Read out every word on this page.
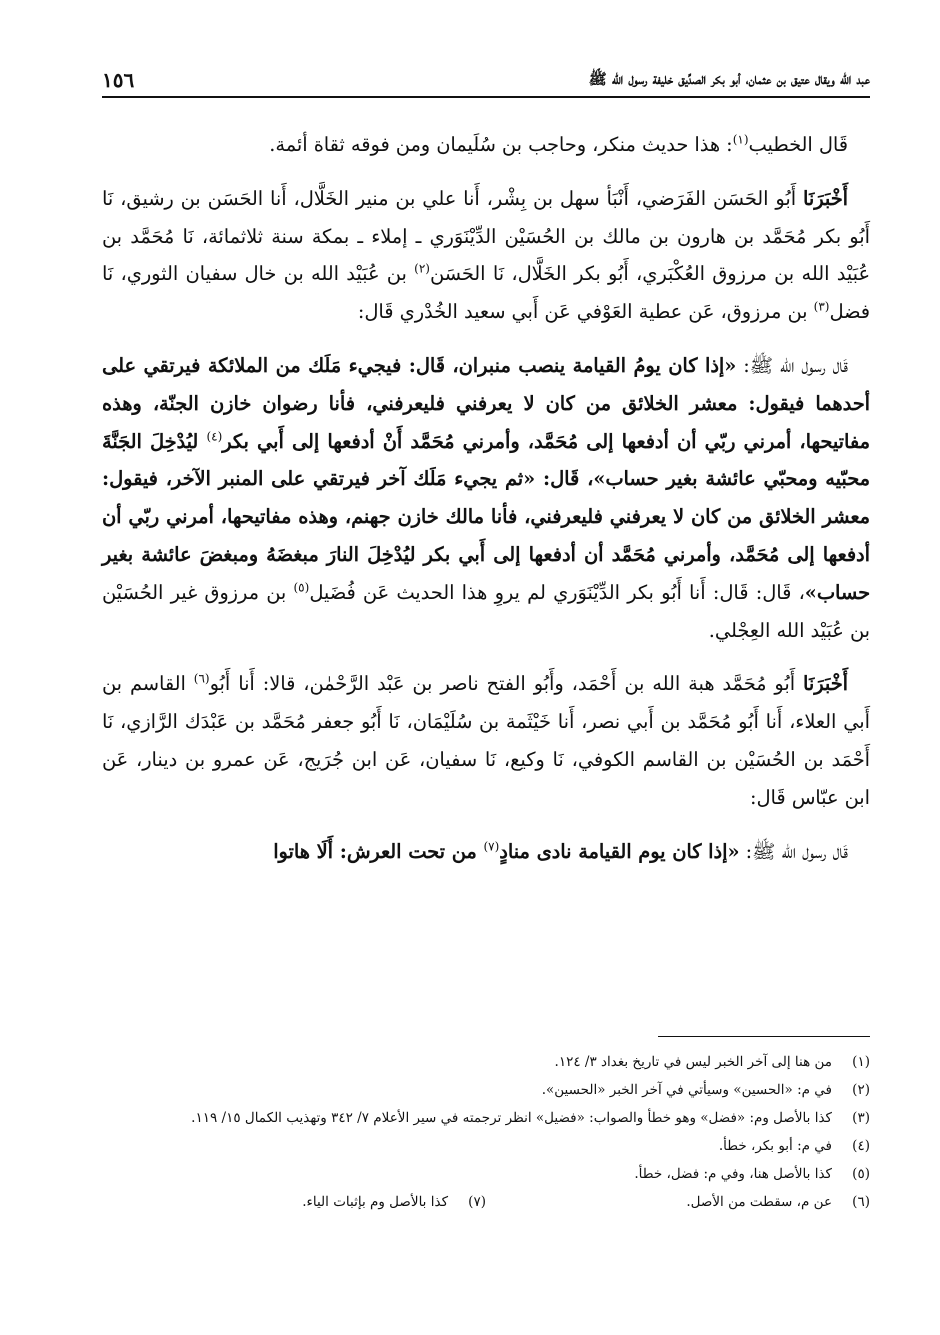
عبد الله ويقال عتيق بن عثمان، أبو بكر الصدِّيق خليفة رسول الله ﷺ
١٥٦

قَال الخطيب$^{(١)}$: هذا حديث منكر، وحاجب بن سُلَيمان ومن فوقه ثقاة أئمة.

أَخْبَرَنَا أَبُو الحَسَن الفَرَضي، أَنْبَأ سهل بن بِشْر، أَنا علي بن منير الخَلَّال، أَنا الحَسَن بن رشيق، نَا أَبُو بكر مُحَمَّد بن هارون بن مالك بن الحُسَيْن الدِّيْنَوَري ـ إملاء ـ بمكة سنة ثلاثمائة، نَا مُحَمَّد بن عُبَيْد الله بن مرزوق العُكْبَري، أَبُو بكر الخَلَّال، نَا الحَسَن$^{(٢)}$ بن عُبَيْد الله بن خال سفيان الثوري، نَا فضل$^{(٣)}$ بن مرزوق، عَن عطية العَوْفي عَن أَبي سعيد الخُدْري قَال:

قَال رسول الله ﷺ: «إذا كان يومُ القيامة ينصب منبران، قَال: فيجيء مَلَك من الملائكة فيرتقي على أحدهما فيقول: معشر الخلائق من كان لا يعرفني فليعرفني، فأنا رضوان خازن الجنّة، وهذه مفاتيحها، أمرني ربّي أن أدفعها إلى مُحَمَّد، وأمرني مُحَمَّد أَنْ أدفعها إلى أَبي بكر$^{(٤)}$ ليُدْخِلَ الجَنَّةَ محبّيه ومحبّي عائشة بغير حساب»، قَال: «ثم يجيء مَلَك آخر فيرتقي على المنبر الآخر، فيقول: معشر الخلائق من كان لا يعرفني فليعرفني، فأنا مالك خازن جهنم، وهذه مفاتيحها، أمرني ربّي أن أدفعها إلى مُحَمَّد، وأمرني مُحَمَّد أن أدفعها إلى أَبي بكر ليُدْخِلَ النارَ مبغضَهُ ومبغضَ عائشة بغير حساب»، قَال: قَال: أَنا أَبُو بكر الدِّيْنَوَري لم يروِ هذا الحديث عَن فُضَيل$^{(٥)}$ بن مرزوق غير الحُسَيْن بن عُبَيْد الله العِجْلي.

أَخْبَرَنَا أَبُو مُحَمَّد هبة الله بن أَحْمَد، وأَبُو الفتح ناصر بن عَبْد الرَّحْمٰن، قالا: أَنا أَبُو$^{(٦)}$ القاسم بن أَبي العلاء، أَنا أَبُو مُحَمَّد بن أَبي نصر، أَنا خَيْثَمة بن سُلَيْمَان، نَا أَبُو جعفر مُحَمَّد بن عَبْدَك الرَّازي، نَا أَحْمَد بن الحُسَيْن بن القاسم الكوفي، نَا وكيع، نَا سفيان، عَن ابن جُرَيج، عَن عمرو بن دينار، عَن ابن عبّاس قَال:

قَال رسول الله ﷺ: «إذا كان يوم القيامة نادى منادٍ$^{(٧)}$ من تحت العرش: أَلَا هاتوا

(١)
من هنا إلى آخر الخبر ليس في تاريخ بغداد ٣/ ١٢٤.
(٢)
في م: «الحسين» وسيأتي في آخر الخبر «الحسين».
(٣)
كذا بالأصل وم: «فضل» وهو خطأ والصواب: «فضيل» انظر ترجمته في سير الأعلام ٧/ ٣٤٢ وتهذيب الكمال ١٥/ ١١٩.
(٤)
في م: أبو بكر، خطأ.
(٥)
كذا بالأصل هنا، وفي م: فضل، خطأ.
(٦)
عن م، سقطت من الأصل.
(٧)
كذا بالأصل وم بإثبات الياء.
